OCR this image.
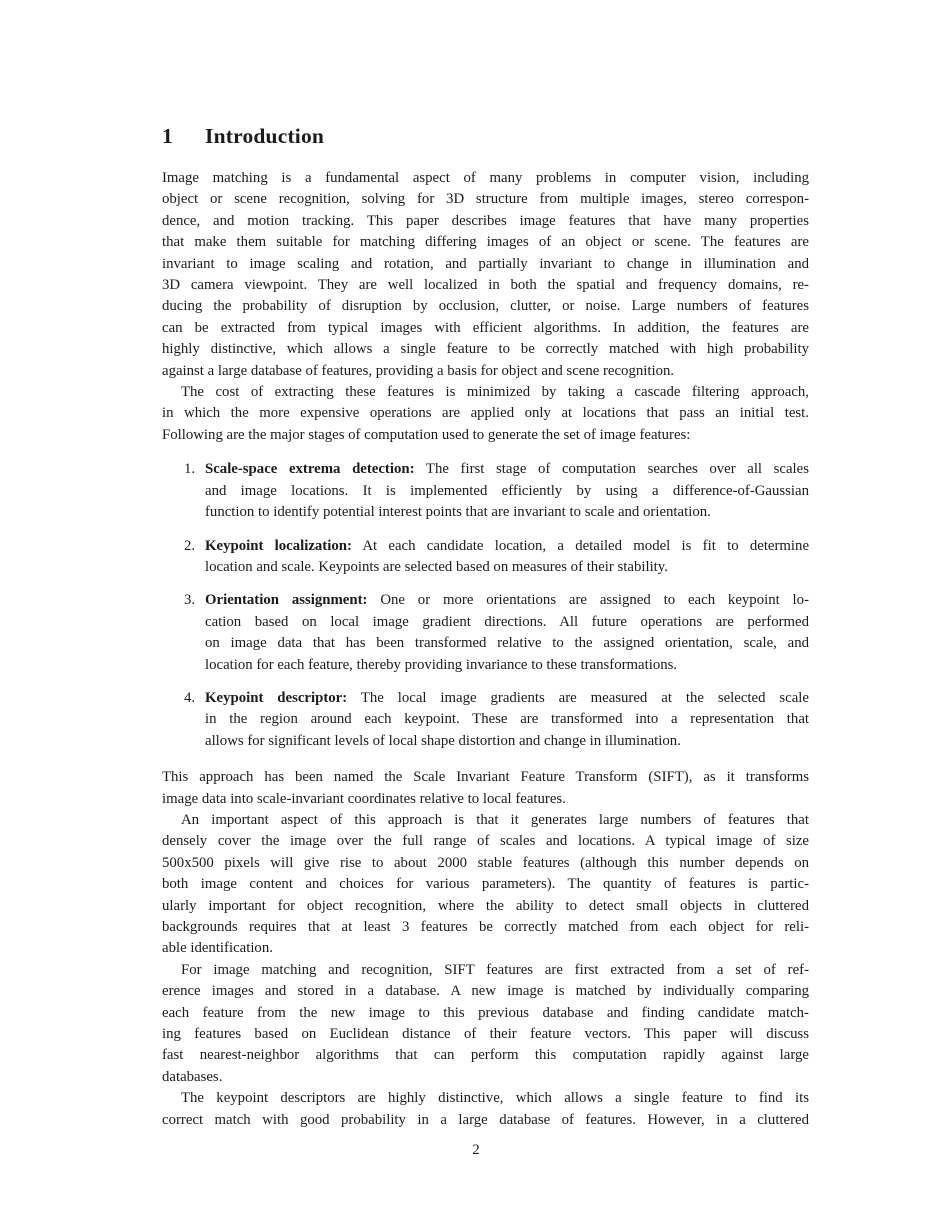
1 Introduction
Image matching is a fundamental aspect of many problems in computer vision, including
object or scene recognition, solving for 3D structure from multiple images, stereo correspon-
dence, and motion tracking. This paper describes image features that have many properties
that make them suitable for matching differing images of an object or scene. The features are
invariant to image scaling and rotation, and partially invariant to change in illumination and
3D camera viewpoint. They are well localized in both the spatial and frequency domains, re-
ducing the probability of disruption by occlusion, clutter, or noise. Large numbers of features
can be extracted from typical images with efficient algorithms. In addition, the features are
highly distinctive, which allows a single feature to be correctly matched with high probability
against a large database of features, providing a basis for object and scene recognition.
The cost of extracting these features is minimized by taking a cascade filtering approach,
in which the more expensive operations are applied only at locations that pass an initial test.
Following are the major stages of computation used to generate the set of image features:
1. Scale-space extrema detection: The first stage of computation searches over all scales
and image locations. It is implemented efficiently by using a difference-of-Gaussian
function to identify potential interest points that are invariant to scale and orientation.
2. Keypoint localization: At each candidate location, a detailed model is fit to determine
location and scale. Keypoints are selected based on measures of their stability.
3. Orientation assignment: One or more orientations are assigned to each keypoint lo-
cation based on local image gradient directions. All future operations are performed
on image data that has been transformed relative to the assigned orientation, scale, and
location for each feature, thereby providing invariance to these transformations.
4. Keypoint descriptor: The local image gradients are measured at the selected scale
in the region around each keypoint. These are transformed into a representation that
allows for significant levels of local shape distortion and change in illumination.
This approach has been named the Scale Invariant Feature Transform (SIFT), as it transforms
image data into scale-invariant coordinates relative to local features.
An important aspect of this approach is that it generates large numbers of features that
densely cover the image over the full range of scales and locations. A typical image of size
500x500 pixels will give rise to about 2000 stable features (although this number depends on
both image content and choices for various parameters). The quantity of features is partic-
ularly important for object recognition, where the ability to detect small objects in cluttered
backgrounds requires that at least 3 features be correctly matched from each object for reli-
able identification.
For image matching and recognition, SIFT features are first extracted from a set of ref-
erence images and stored in a database. A new image is matched by individually comparing
each feature from the new image to this previous database and finding candidate match-
ing features based on Euclidean distance of their feature vectors. This paper will discuss
fast nearest-neighbor algorithms that can perform this computation rapidly against large
databases.
The keypoint descriptors are highly distinctive, which allows a single feature to find its
correct match with good probability in a large database of features. However, in a cluttered
2
